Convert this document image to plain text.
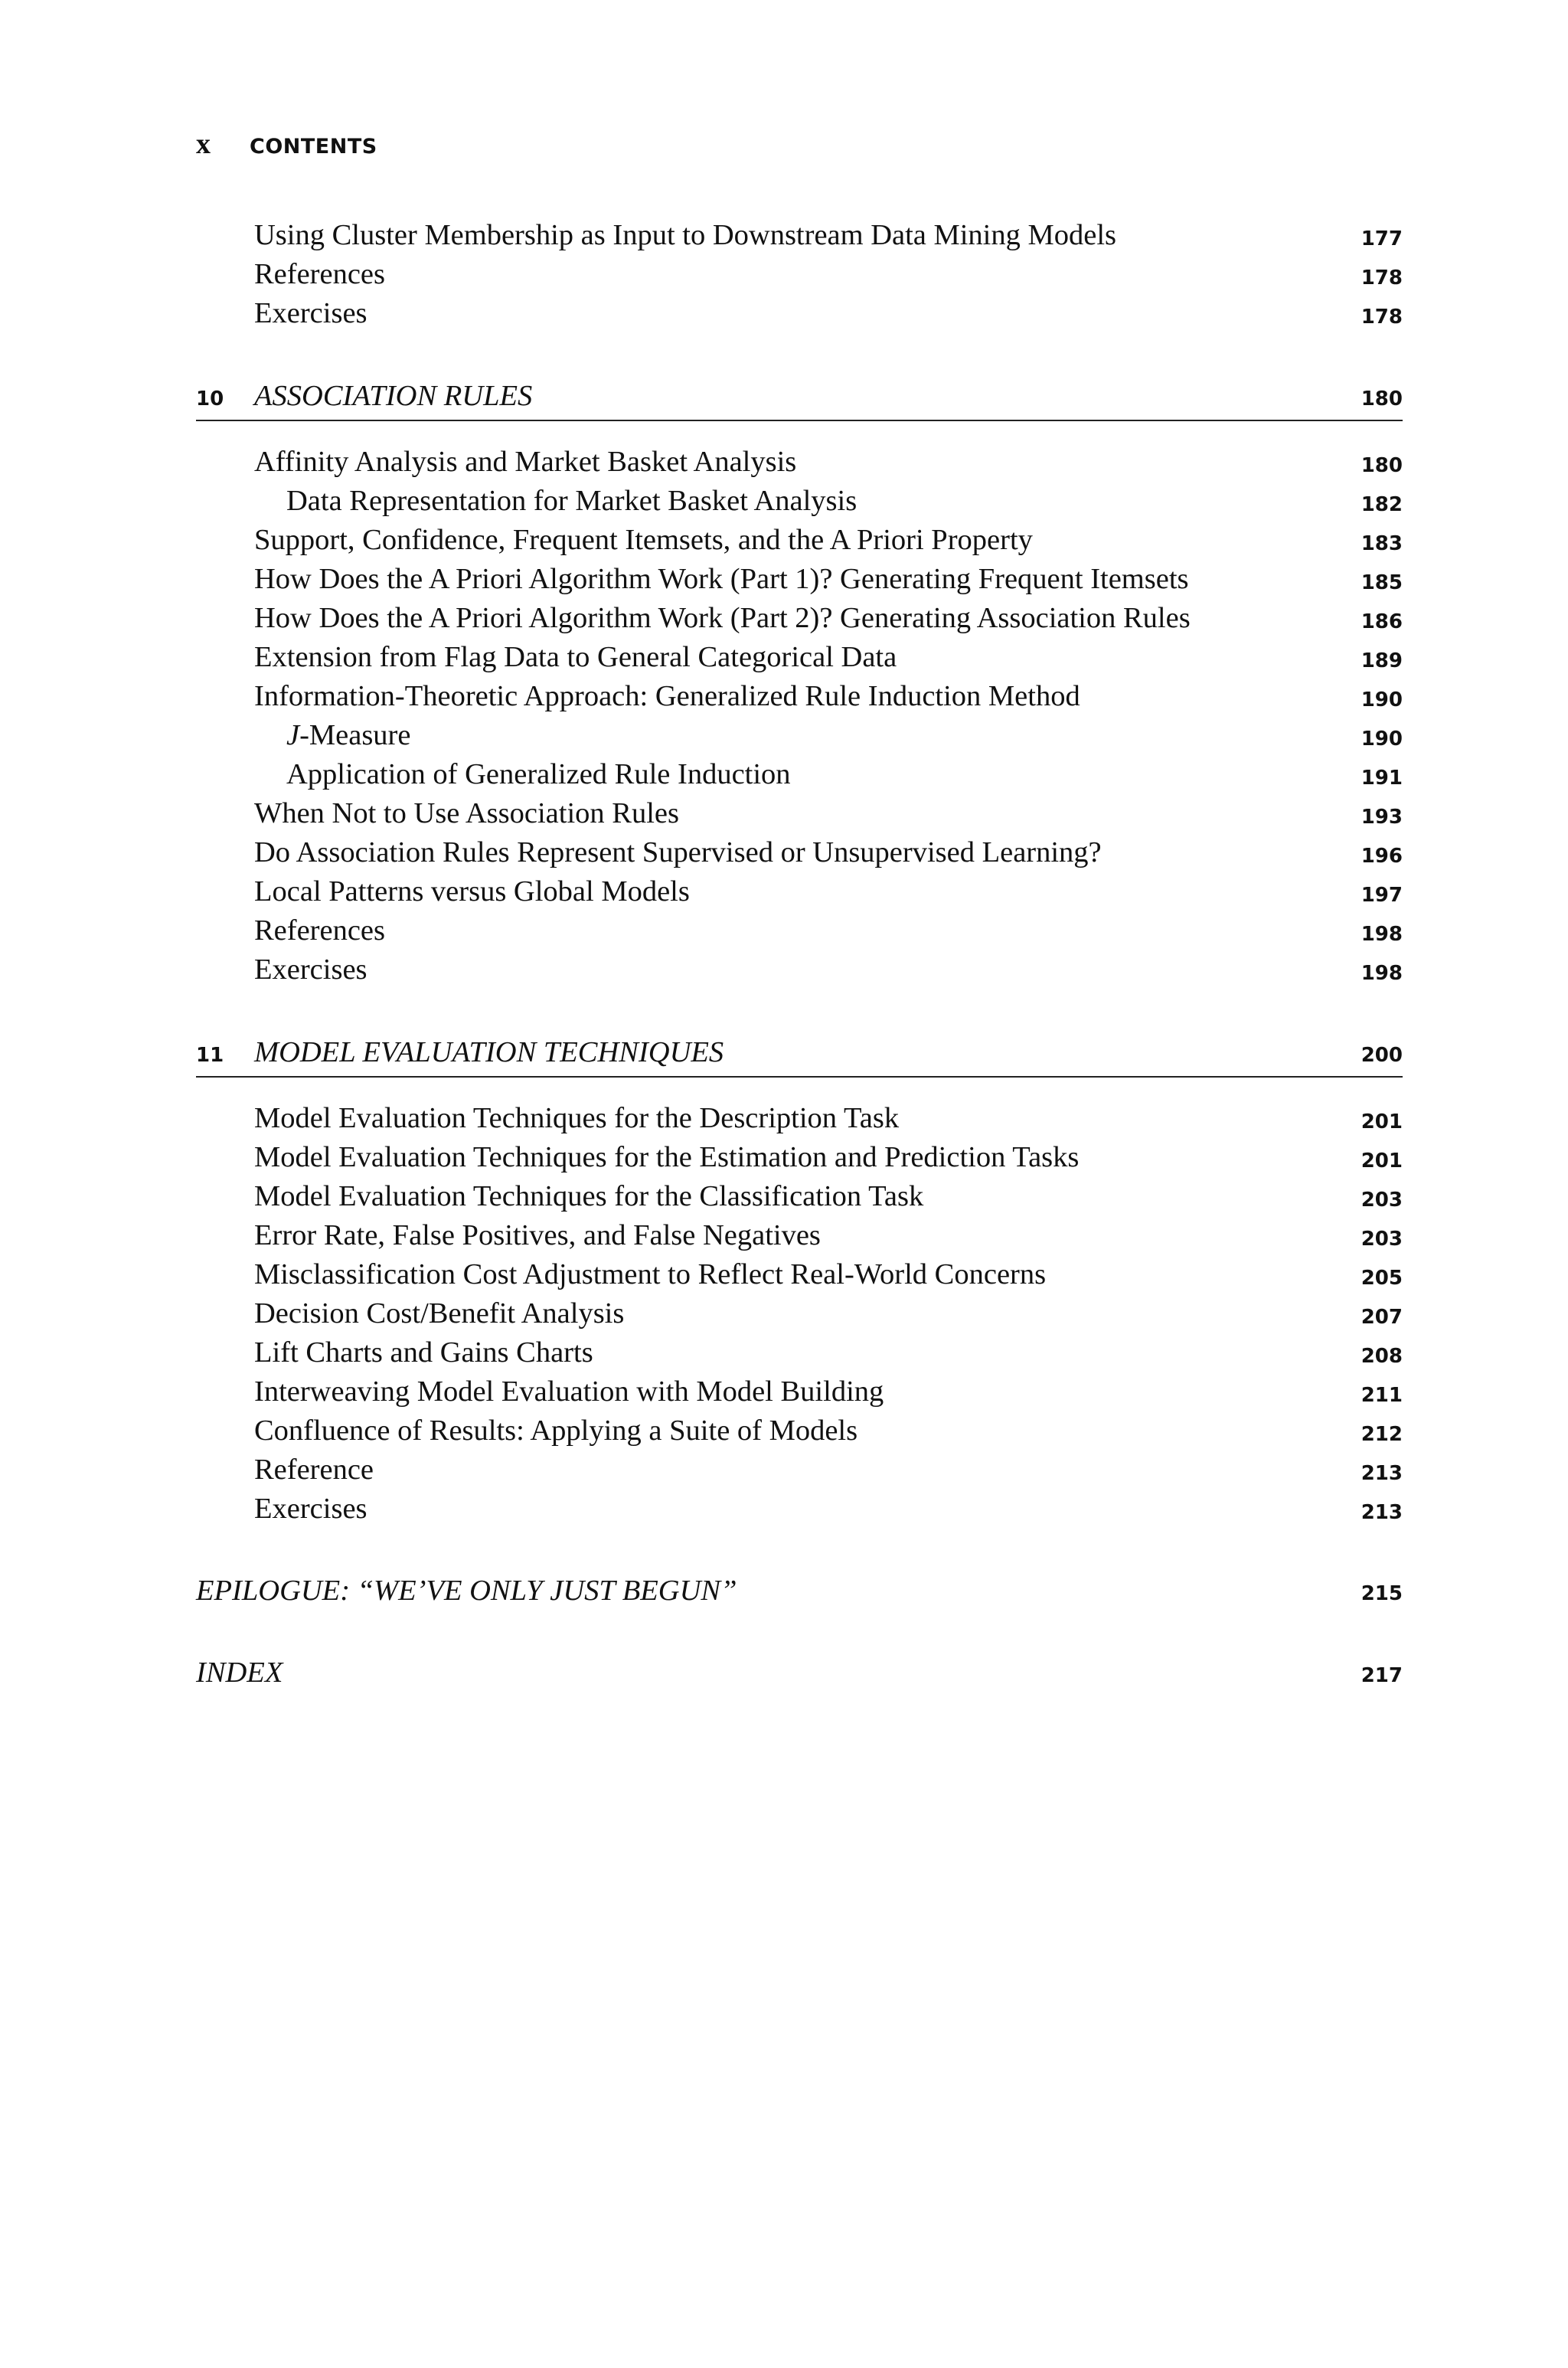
x	CONTENTS
Using Cluster Membership as Input to Downstream Data Mining Models	177
References	178
Exercises	178
10 ASSOCIATION RULES	180
Affinity Analysis and Market Basket Analysis	180
Data Representation for Market Basket Analysis	182
Support, Confidence, Frequent Itemsets, and the A Priori Property	183
How Does the A Priori Algorithm Work (Part 1)? Generating Frequent Itemsets	185
How Does the A Priori Algorithm Work (Part 2)? Generating Association Rules	186
Extension from Flag Data to General Categorical Data	189
Information-Theoretic Approach: Generalized Rule Induction Method	190
J-Measure	190
Application of Generalized Rule Induction	191
When Not to Use Association Rules	193
Do Association Rules Represent Supervised or Unsupervised Learning?	196
Local Patterns versus Global Models	197
References	198
Exercises	198
11 MODEL EVALUATION TECHNIQUES	200
Model Evaluation Techniques for the Description Task	201
Model Evaluation Techniques for the Estimation and Prediction Tasks	201
Model Evaluation Techniques for the Classification Task	203
Error Rate, False Positives, and False Negatives	203
Misclassification Cost Adjustment to Reflect Real-World Concerns	205
Decision Cost/Benefit Analysis	207
Lift Charts and Gains Charts	208
Interweaving Model Evaluation with Model Building	211
Confluence of Results: Applying a Suite of Models	212
Reference	213
Exercises	213
EPILOGUE: “WE’VE ONLY JUST BEGUN”	215
INDEX	217
